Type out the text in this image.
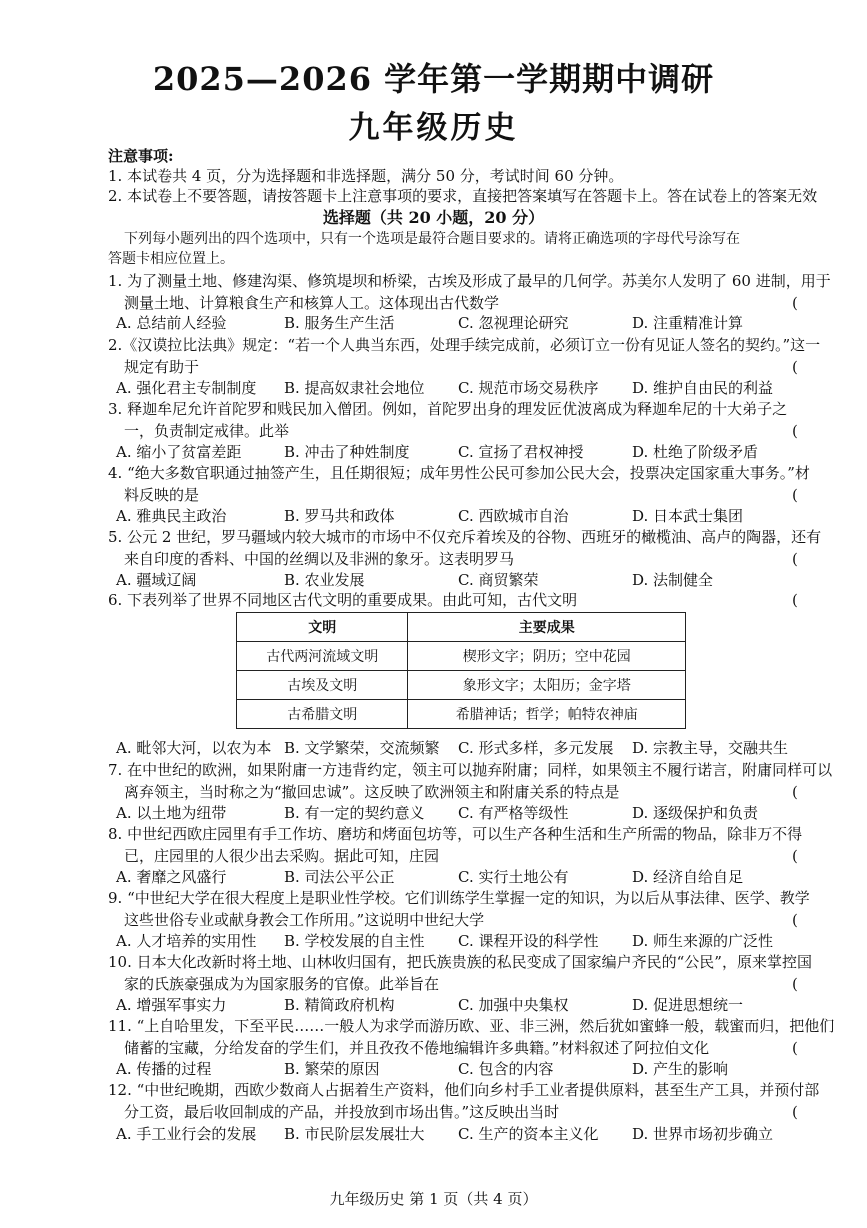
2025—2026 学年第一学期期中调研
九年级历史
注意事项:
1. 本试卷共 4 页，分为选择题和非选择题，满分 50 分，考试时间 60 分钟。
2. 本试卷上不要答题，请按答题卡上注意事项的要求，直接把答案填写在答题卡上。答在试卷上的答案无效
选择题（共 20 小题，20 分）
下列每小题列出的四个选项中，只有一个选项是最符合题目要求的。请将正确选项的字母代号涂写在
答题卡相应位置上。
1. 为了测量土地、修建沟渠、修筑堤坝和桥梁，古埃及形成了最早的几何学。苏美尔人发明了 60 进制，用于
测量土地、计算粮食生产和核算人工。这体现出古代数学	(
A. 总结前人经验	B. 服务生产生活	C. 忽视理论研究	D. 注重精准计算
2.《汉谟拉比法典》规定：“若一个人典当东西，处理手续完成前，必须订立一份有见证人签名的契约。”这一
规定有助于	(
A. 强化君主专制制度 B. 提高奴隶社会地位 C. 规范市场交易秩序 D. 维护自由民的利益
3. 释迦牟尼允许首陀罗和贱民加入僧团。例如，首陀罗出身的理发匠优波离成为释迦牟尼的十大弟子之
一，负责制定戒律。此举	(
A. 缩小了贫富差距	B. 冲击了种姓制度	C. 宣扬了君权神授	D. 杜绝了阶级矛盾
4. “绝大多数官职通过抽签产生，且任期很短；成年男性公民可参加公民大会，投票决定国家重大事务。”材
料反映的是	(
A. 雅典民主政治	B. 罗马共和政体	C. 西欧城市自治	D. 日本武士集团
5. 公元 2 世纪，罗马疆域内较大城市的市场中不仅充斥着埃及的谷物、西班牙的橄榄油、高卢的陶器，还有
来自印度的香料、中国的丝绸以及非洲的象牙。这表明罗马	(
A. 疆域辽阔	B. 农业发展	C. 商贸繁荣	D. 法制健全
6. 下表列举了世界不同地区古代文明的重要成果。由此可知，古代文明	(
A. 毗邻大河，以农为本 B. 文学繁荣，交流频繁 C. 形式多样，多元发展 D. 宗教主导，交融共生
7. 在中世纪的欧洲，如果附庸一方违背约定，领主可以抛弃附庸；同样，如果领主不履行诺言，附庸同样可以
离弃领主，当时称之为“撤回忠诚”。这反映了欧洲领主和附庸关系的特点是	(
A. 以土地为纽带	B. 有一定的契约意义 C. 有严格等级性	D. 逐级保护和负责
8. 中世纪西欧庄园里有手工作坊、磨坊和烤面包坊等，可以生产各种生活和生产所需的物品，除非万不得
已，庄园里的人很少出去采购。据此可知，庄园	(
A. 奢靡之风盛行	B. 司法公平公正	C. 实行土地公有	D. 经济自给自足
9. “中世纪大学在很大程度上是职业性学校。它们训练学生掌握一定的知识，为以后从事法律、医学、教学
这些世俗专业或献身教会工作所用。”这说明中世纪大学	(
A. 人才培养的实用性 B. 学校发展的自主性 C. 课程开设的科学性 D. 师生来源的广泛性
10. 日本大化改新时将土地、山林收归国有，把氏族贵族的私民变成了国家编户齐民的“公民”，原来掌控国
家的氏族豪强成为为国家服务的官僚。此举旨在	(
A. 增强军事实力	B. 精简政府机构	C. 加强中央集权	D. 促进思想统一
11. “上自哈里发，下至平民……一般人为求学而游历欧、亚、非三洲，然后犹如蜜蜂一般，载蜜而归，把他们
储蓄的宝藏，分给发奋的学生们，并且孜孜不倦地编辑许多典籍。”材料叙述了阿拉伯文化	(
A. 传播的过程	B. 繁荣的原因	C. 包含的内容	D. 产生的影响
12. “中世纪晚期，西欧少数商人占据着生产资料，他们向乡村手工业者提供原料，甚至生产工具，并预付部
分工资，最后收回制成的产品，并投放到市场出售。”这反映出当时	(
A. 手工业行会的发展 B. 市民阶层发展壮大 C. 生产的资本主义化 D. 世界市场初步确立
文明	主要成果
古代两河流域文明	楔形文字；阴历；空中花园
古埃及文明	象形文字；太阳历；金字塔
古希腊文明	希腊神话；哲学；帕特农神庙
九年级历史 第 1 页（共 4 页）
